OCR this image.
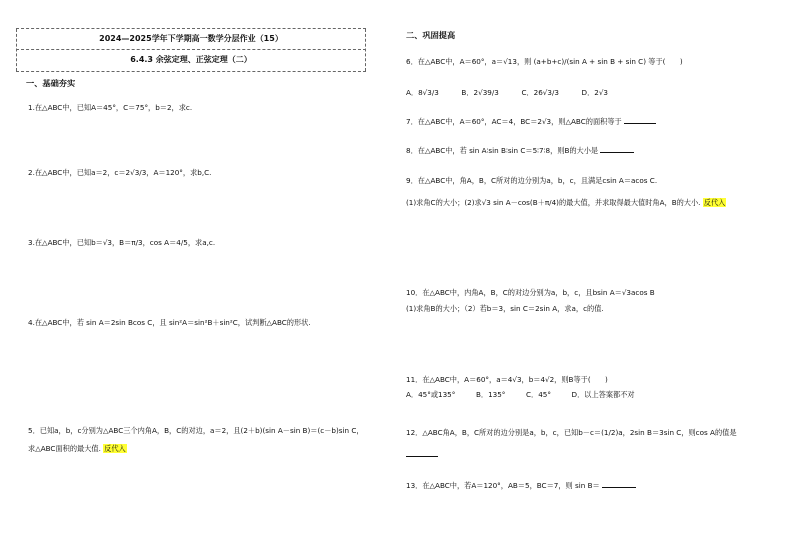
2024—2025学年下学期高一数学分层作业（15）
6.4.3 余弦定理、正弦定理（二）
一、基础夯实
1.在△ABC中，已知A＝45°，C＝75°，b＝2，求c.
2.在△ABC中，已知a＝2，c＝2√3/3，A＝120°，求b,C.
3.在△ABC中，已知b＝√3，B＝π/3，cos A＝4/5，求a,c.
4.在△ABC中，若 sin A＝2sin Bcos C，且 sin²A＝sin²B＋sin²C，试判断△ABC的形状.
5．已知a，b，c分别为△ABC三个内角A，B，C的对边，a＝2，且(2＋b)(sin A－sin B)＝(c－b)sin C，
求△ABC面积的最大值. 反代入
二、巩固提高
6．在△ABC中，A＝60°，a＝√13，则 (a+b+c)/(sin A + sin B + sin C) 等于(　　)
A．8√3/3	B．2√39/3	C．26√3/3	D．2√3
7．在△ABC中，A＝60°，AC＝4，BC＝2√3，则△ABC的面积等于
8．在△ABC中，若 sin A∶sin B∶sin C＝5∶7∶8，则B的大小是
9．在△ABC中，角A，B，C所对的边分别为a，b，c，且满足csin A＝acos C.
(1)求角C的大小；(2)求√3 sin A－cos(B＋π/4)的最大值，并求取得最大值时角A，B的大小. 反代入
10．在△ABC中，内角A，B，C的对边分别为a，b，c，且bsin A＝√3acos B
(1)求角B的大小；（2）若b＝3，sin C＝2sin A，求a，c的值.
11．在△ABC中，A＝60°，a＝4√3，b＝4√2，则B等于(　　)
A．45°或135°	B．135°	C．45°	D．以上答案都不对
12．△ABC角A，B，C所对的边分别是a，b，c，已知b－c＝(1/2)a，2sin B＝3sin C，则cos A的值是
13．在△ABC中，若A＝120°，AB＝5，BC＝7，则 sin B＝
